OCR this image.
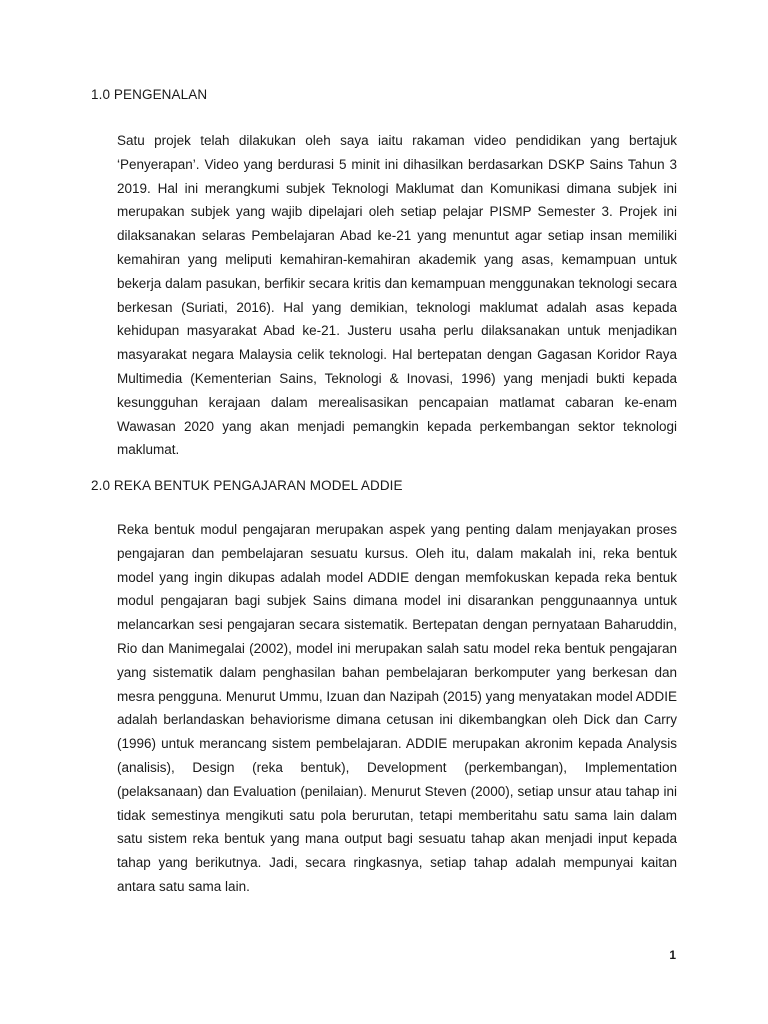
1.0 PENGENALAN

Satu projek telah dilakukan oleh saya iaitu rakaman video pendidikan yang bertajuk ‘Penyerapan’. Video yang berdurasi 5 minit ini dihasilkan berdasarkan DSKP Sains Tahun 3 2019. Hal ini merangkumi subjek Teknologi Maklumat dan Komunikasi dimana subjek ini merupakan subjek yang wajib dipelajari oleh setiap pelajar PISMP Semester 3. Projek ini dilaksanakan selaras Pembelajaran Abad ke-21 yang menuntut agar setiap insan memiliki kemahiran yang meliputi kemahiran-kemahiran akademik yang asas, kemampuan untuk bekerja dalam pasukan, berfikir secara kritis dan kemampuan menggunakan teknologi secara berkesan (Suriati, 2016). Hal yang demikian, teknologi maklumat adalah asas kepada kehidupan masyarakat Abad ke-21. Justeru usaha perlu dilaksanakan untuk menjadikan masyarakat negara Malaysia celik teknologi. Hal bertepatan dengan Gagasan Koridor Raya Multimedia (Kementerian Sains, Teknologi & Inovasi, 1996) yang menjadi bukti kepada kesungguhan kerajaan dalam merealisasikan pencapaian matlamat cabaran ke-enam Wawasan 2020 yang akan menjadi pemangkin kepada perkembangan sektor teknologi maklumat.

2.0 REKA BENTUK PENGAJARAN MODEL ADDIE

Reka bentuk modul pengajaran merupakan aspek yang penting dalam menjayakan proses pengajaran dan pembelajaran sesuatu kursus. Oleh itu, dalam makalah ini, reka bentuk model yang ingin dikupas adalah model ADDIE dengan memfokuskan kepada reka bentuk modul pengajaran bagi subjek Sains dimana model ini disarankan penggunaannya untuk melancarkan sesi pengajaran secara sistematik. Bertepatan dengan pernyataan Baharuddin, Rio dan Manimegalai (2002), model ini merupakan salah satu model reka bentuk pengajaran yang sistematik dalam penghasilan bahan pembelajaran berkomputer yang berkesan dan mesra pengguna. Menurut Ummu, Izuan dan Nazipah (2015) yang menyatakan model ADDIE adalah berlandaskan behaviorisme dimana cetusan ini dikembangkan oleh Dick dan Carry (1996) untuk merancang sistem pembelajaran. ADDIE merupakan akronim kepada Analysis (analisis), Design (reka bentuk), Development (perkembangan), Implementation (pelaksanaan) dan Evaluation (penilaian). Menurut Steven (2000), setiap unsur atau tahap ini tidak semestinya mengikuti satu pola berurutan, tetapi memberitahu satu sama lain dalam satu sistem reka bentuk yang mana output bagi sesuatu tahap akan menjadi input kepada tahap yang berikutnya. Jadi, secara ringkasnya, setiap tahap adalah mempunyai kaitan antara satu sama lain.

1
